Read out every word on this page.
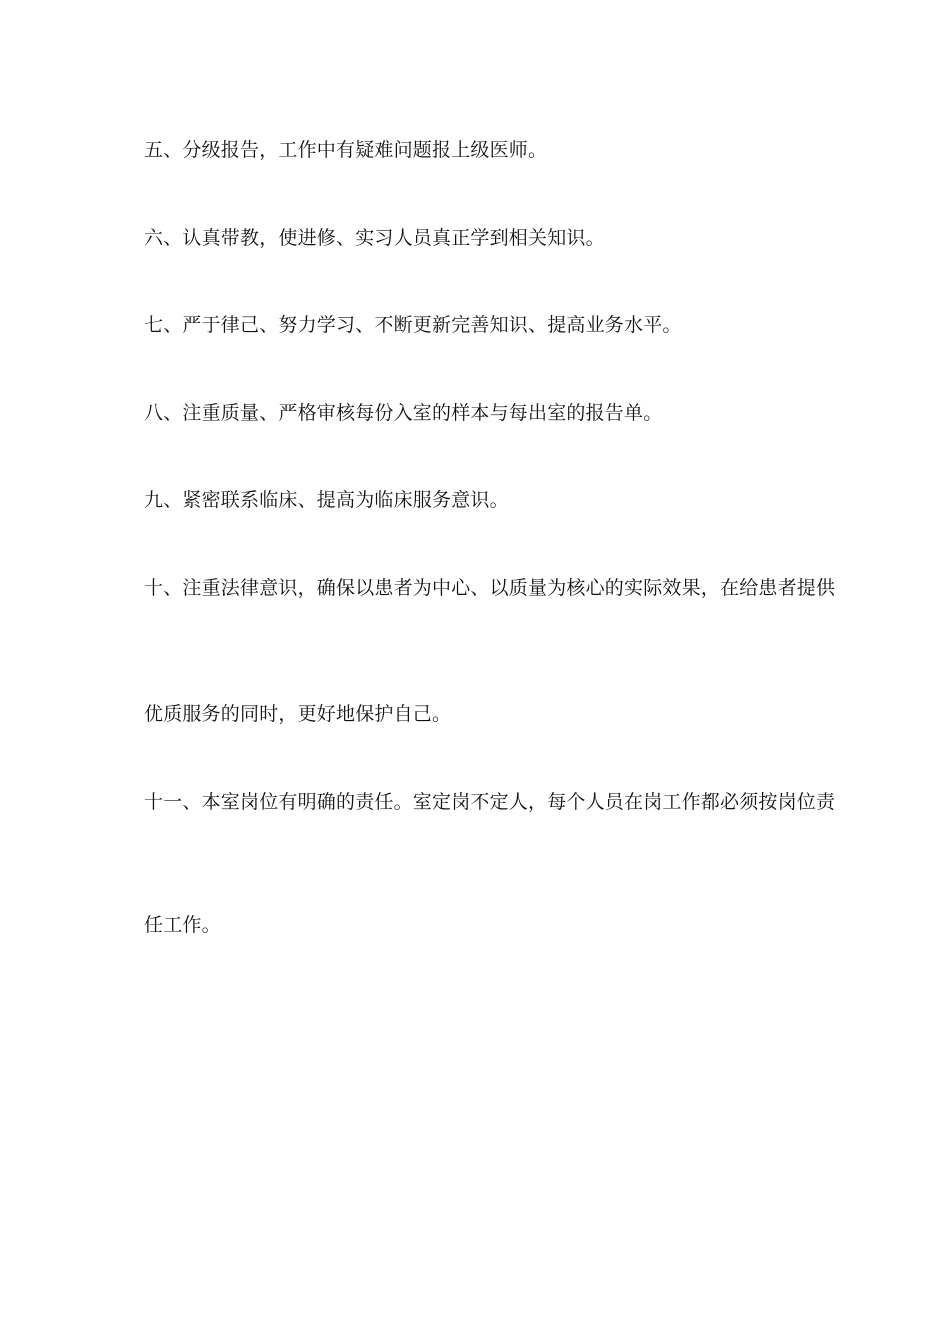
五、分级报告，工作中有疑难问题报上级医师。
六、认真带教，使进修、实习人员真正学到相关知识。
七、严于律己、努力学习、不断更新完善知识、提高业务水平。
八、注重质量、严格审核每份入室的样本与每出室的报告单。
九、紧密联系临床、提高为临床服务意识。
十、注重法律意识，确保以患者为中心、以质量为核心的实际效果，在给患者提供
优质服务的同时，更好地保护自己。
十一、本室岗位有明确的责任。室定岗不定人，每个人员在岗工作都必须按岗位责
任工作。
